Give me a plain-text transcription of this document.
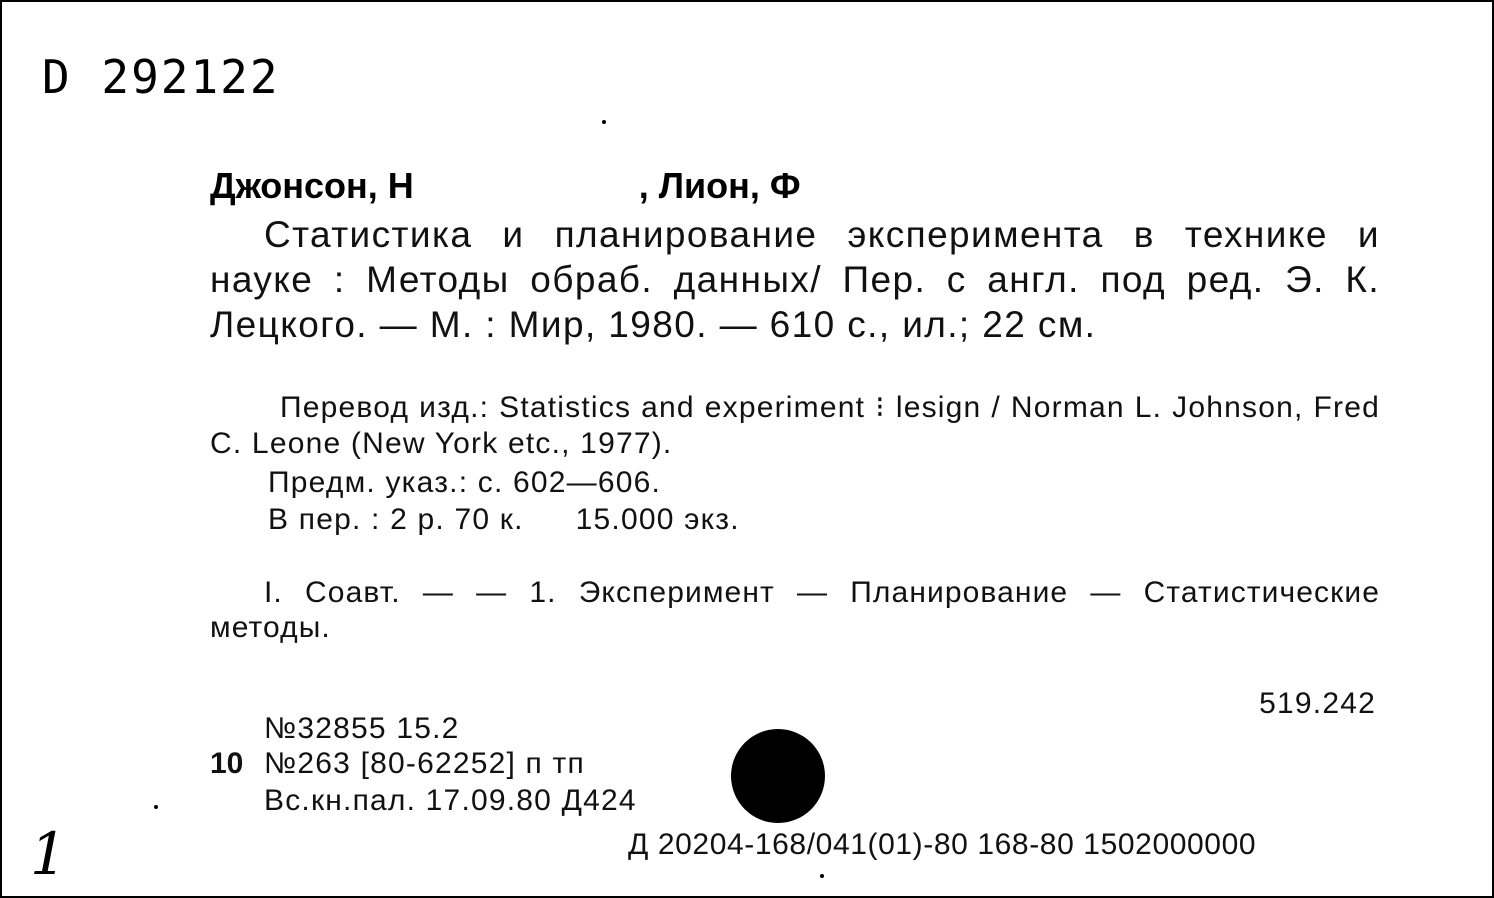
D 292122
Джонсон, Н	, Лион, Ф
Статистика и планирование эксперимента в технике и науке : Методы обраб. данных/ Пер. с англ. под ред. Э. К. Лецкого. — М. : Мир, 1980. — 610 с., ил.; 22 см.
Перевод изд.: Statistics and experiment ⁝ lesign / Norman L. Johnson, Fred C. Leone (New York etc., 1977).
Предм. указ.: с. 602—606.
В пер. : 2 р. 70 к. 15.000 экз.
I. Соавт. — — 1. Эксперимент — Планирование — Статистические методы.
519.242
№32855 15.2
10 №263 [80-62252] п тп
Вс.кн.пал. 17.09.80 Д424
1	Д 20204-168/041(01)-80 168-80 1502000000
